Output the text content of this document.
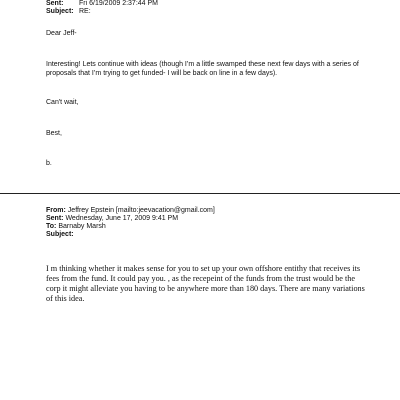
Sent: Fri 6/19/2009 2:37:44 PM
Subject: RE:
Dear Jeff-
Interesting! Lets continue with ideas (though I’m a little swamped these next few days with a series of
proposals that I’m trying to get funded- I will be back on line in a few days).
Can't wait,
Best,
b.
From: Jeffrey Epstein [mailto:jeevacation@gmail.com]
Sent: Wednesday, June 17, 2009 9:41 PM
To: Barnaby Marsh
Subject:
I m thinking whether it makes sense for you to set up your own offshore entithy that receives its
fees from the fund. It could pay you. , as the recepeint of the funds from the trust would be the
corp it might alleviate you having to be anywhere more than 180 days. There are many variations
of this idea.
